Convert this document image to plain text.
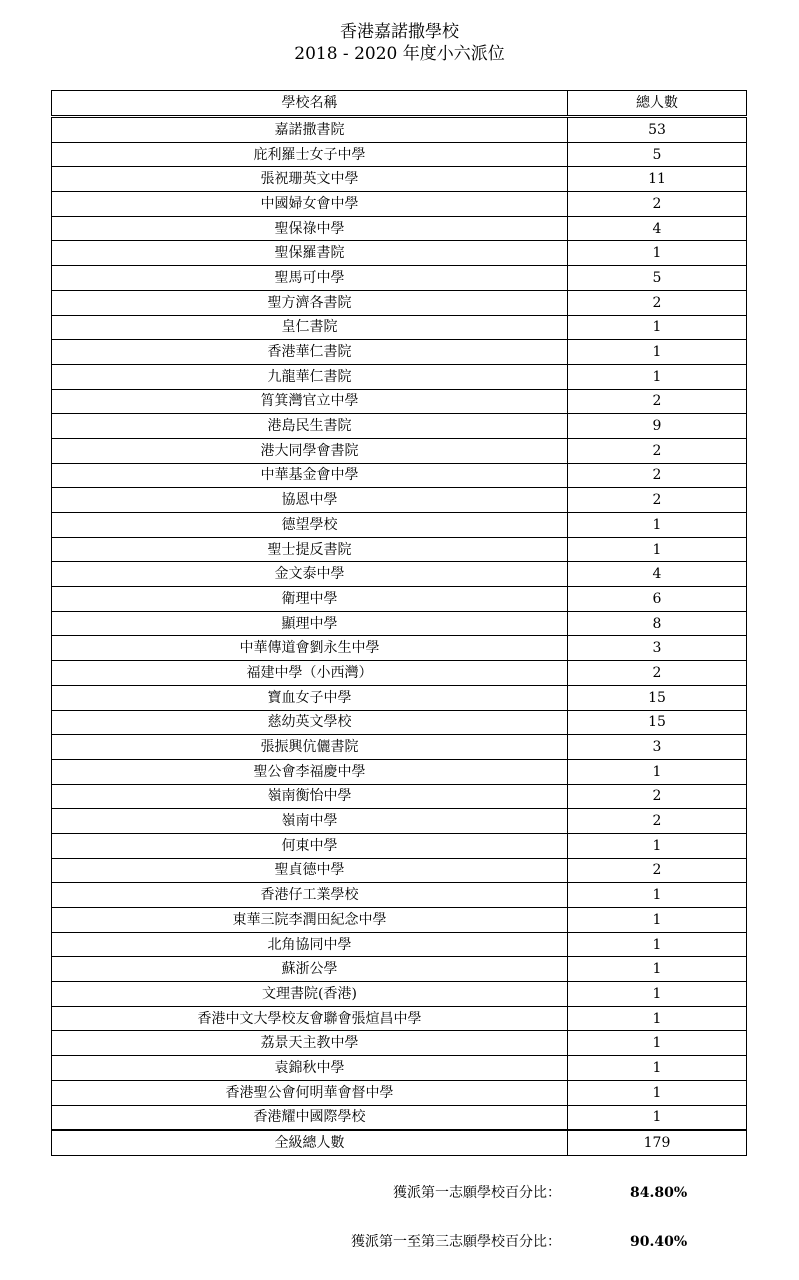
香港嘉諾撒學校
2018 - 2020 年度小六派位
學校名稱	總人數
嘉諾撒書院	53
庇利羅士女子中學	5
張祝珊英文中學	11
中國婦女會中學	2
聖保祿中學	4
聖保羅書院	1
聖馬可中學	5
聖方濟各書院	2
皇仁書院	1
香港華仁書院	1
九龍華仁書院	1
筲箕灣官立中學	2
港島民生書院	9
港大同學會書院	2
中華基金會中學	2
協恩中學	2
德望學校	1
聖士提反書院	1
金文泰中學	4
衛理中學	6
顯理中學	8
中華傳道會劉永生中學	3
福建中學（小西灣）	2
寶血女子中學	15
慈幼英文學校	15
張振興伉儷書院	3
聖公會李福慶中學	1
嶺南衡怡中學	2
嶺南中學	2
何東中學	1
聖貞德中學	2
香港仔工業學校	1
東華三院李潤田紀念中學	1
北角協同中學	1
蘇浙公學	1
文理書院(香港)	1
香港中文大學校友會聯會張煊昌中學	1
荔景天主教中學	1
袁錦秋中學	1
香港聖公會何明華會督中學	1
香港耀中國際學校	1
全級總人數	179
獲派第一志願學校百分比：	84.80%
獲派第一至第三志願學校百分比：	90.40%
